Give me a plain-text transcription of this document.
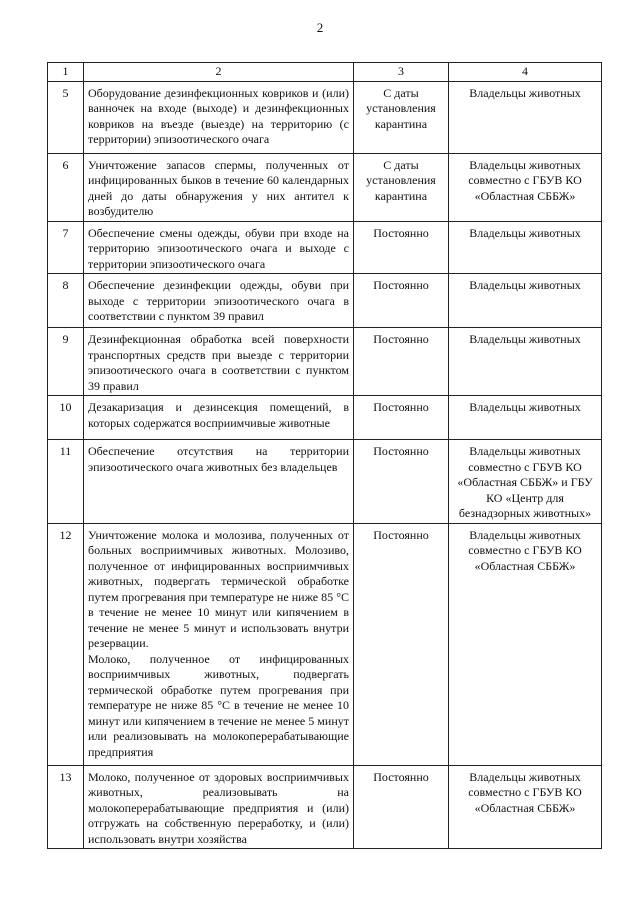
2
1	2	3	4
5	Оборудование дезинфекционных ковриков и (или) ванночек на входе (выходе) и дезинфекционных ковриков на въезде (выезде) на территорию (с территории) эпизоотического очага	С даты установления карантина	Владельцы животных
6	Уничтожение запасов спермы, полученных от инфицированных быков в течение 60 календарных дней до даты обнаружения у них антител к возбудителю	С даты установления карантина	Владельцы животных совместно с ГБУВ КО «Областная СББЖ»
7	Обеспечение смены одежды, обуви при входе на территорию эпизоотического очага и выходе с территории эпизоотического очага	Постоянно	Владельцы животных
8	Обеспечение дезинфекции одежды, обуви при выходе с территории эпизоотического очага в соответствии с пунктом 39 правил	Постоянно	Владельцы животных
9	Дезинфекционная обработка всей поверхности транспортных средств при выезде с территории эпизоотического очага в соответствии с пунктом 39 правил	Постоянно	Владельцы животных
10	Дезакаризация и дезинсекция помещений, в которых содержатся восприимчивые животные	Постоянно	Владельцы животных
11	Обеспечение отсутствия на территории эпизоотического очага животных без владельцев	Постоянно	Владельцы животных совместно с ГБУВ КО «Областная СББЖ» и ГБУ КО «Центр для безнадзорных животных»
12	Уничтожение молока и молозива, полученных от больных восприимчивых животных. Молозиво, полученное от инфицированных восприимчивых животных, подвергать термической обработке путем прогревания при температуре не ниже 85 °C в течение не менее 10 минут или кипячением в течение не менее 5 минут и использовать внутри резервации.
Молоко, полученное от инфицированных восприимчивых животных, подвергать термической обработке путем прогревания при температуре не ниже 85 °C в течение не менее 10 минут или кипячением в течение не менее 5 минут или реализовывать на молокоперерабатывающие предприятия	Постоянно	Владельцы животных совместно с ГБУВ КО «Областная СББЖ»
13	Молоко, полученное от здоровых восприимчивых животных, реализовывать на молокоперерабатывающие предприятия и (или) отгружать на собственную переработку, и (или) использовать внутри хозяйства	Постоянно	Владельцы животных совместно с ГБУВ КО «Областная СББЖ»
